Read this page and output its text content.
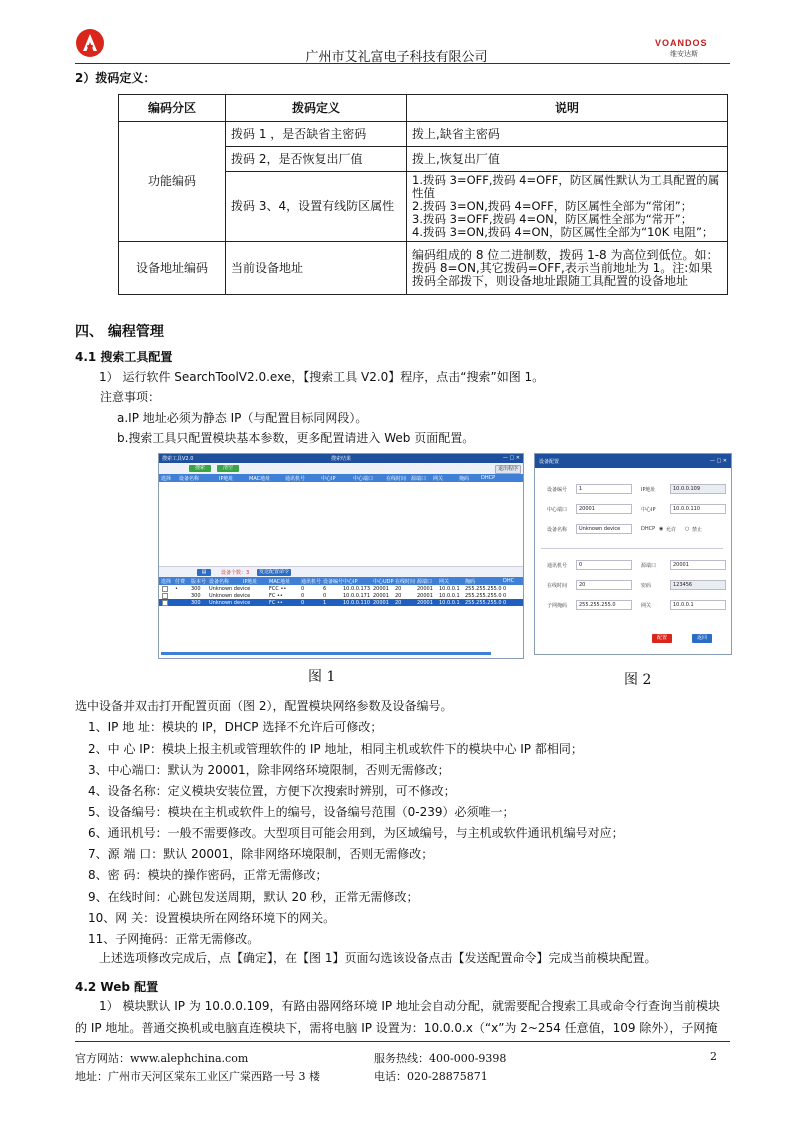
广州市艾礼富电子科技有限公司
VOANDOS
维安达斯
2）拨码定义：
编码分区	拨码定义	说明
功能编码	拨码 1 ，是否缺省主密码	拨上,缺省主密码
	拨码 2，是否恢复出厂值	拨上,恢复出厂值
	拨码 3、4，设置有线防区属性	1.拨码 3=OFF,拨码 4=OFF，防区属性默认为工具配置的属性值
2.拨码 3=ON,拨码 4=OFF，防区属性全部为“常闭”；
3.拨码 3=OFF,拨码 4=ON，防区属性全部为“常开”；
4.拨码 3=ON,拨码 4=ON，防区属性全部为“10K 电阻”；

设备地址编码	当前设备地址	编码组成的 8 位二进制数，拨码 1-8 为高位到低位。如：拨码 8=ON,其它拨码=OFF,表示当前地址为 1。注:如果拨码全部拨下，则设备地址跟随工具配置的设备地址
四、 编程管理
4.1 搜索工具配置
1） 运行软件 SearchToolV2.0.exe，【搜索工具 V2.0】程序，点击“搜索”如图 1。
注意事项：
a.IP 地址必须为静态 IP（与配置目标同网段）。
b.搜索工具只配置模块基本参数，更多配置请进入 Web 页面配置。
搜索工具V2.0	搜索结果	— □ ✕
搜索	清空	退出程序
选择 设备名称	IP地址	MAC地址	通讯机号	中心IP	中心端口	在线时间 源端口 网关	掩码 DHCP
▤	设备个数：3	发送配置命令
选择 付费 版本号 设备名称	IP地址 MAC地址 通讯机号 设备编号 中心IP	中心UDP 在线时间 源端口 网关	掩码	DHC
•	300 Unknown device	FCC ••	0	6	10.0.0.173 20001 20	20001 10.0.0.1 255.255.255.0 0
300 Unknown device	FC ••	0	0	10.0.0.171 20001 20	20001 10.0.0.1 255.255.255.0 0
300 Unknown device	FC ••	0	1	10.0.0.110 20001 20	20001 10.0.0.1 255.255.255.0 0
设备配置	— □ ✕
设备编号	1	IP地址	10.0.0.109
中心端口	20001	中心IP	10.0.0.110
设备名称	Unknown device
通讯机号	0	源端口	20001
在线时间	20	密码	123456
子网掩码	255.255.255.0	网关	10.0.0.1
DHCP ◉ 允许 ○ 禁止
配置	返回
图 1	图 2
选中设备并双击打开配置页面（图 2），配置模块网络参数及设备编号。
1、IP 地 址：模块的 IP，DHCP 选择不允许后可修改；
2、中 心 IP：模块上报主机或管理软件的 IP 地址，相同主机或软件下的模块中心 IP 都相同；
3、中心端口：默认为 20001，除非网络环境限制，否则无需修改；
4、设备名称：定义模块安装位置，方便下次搜索时辨别，可不修改；
5、设备编号：模块在主机或软件上的编号，设备编号范围（0-239）必须唯一；
6、通讯机号：一般不需要修改。大型项目可能会用到，为区域编号，与主机或软件通讯机编号对应；
7、源 端 口：默认 20001，除非网络环境限制，否则无需修改；
8、密 码：模块的操作密码，正常无需修改；
9、在线时间：心跳包发送周期，默认 20 秒，正常无需修改；
10、网 关：设置模块所在网络环境下的网关。
11、子网掩码：正常无需修改。
上述选项修改完成后，点【确定】，在【图 1】页面勾选该设备点击【发送配置命令】完成当前模块配置。
4.2 Web 配置
1） 模块默认 IP 为 10.0.0.109，有路由器网络环境 IP 地址会自动分配，就需要配合搜索工具或命令行查询当前模块
的 IP 地址。普通交换机或电脑直连模块下，需将电脑 IP 设置为：10.0.0.x（“x”为 2~254 任意值，109 除外），子网掩
官方网站：www.alephchina.com	服务热线：400-000-9398	2
地址：广州市天河区棠东工业区广棠西路一号 3 楼	电话：020-28875871
